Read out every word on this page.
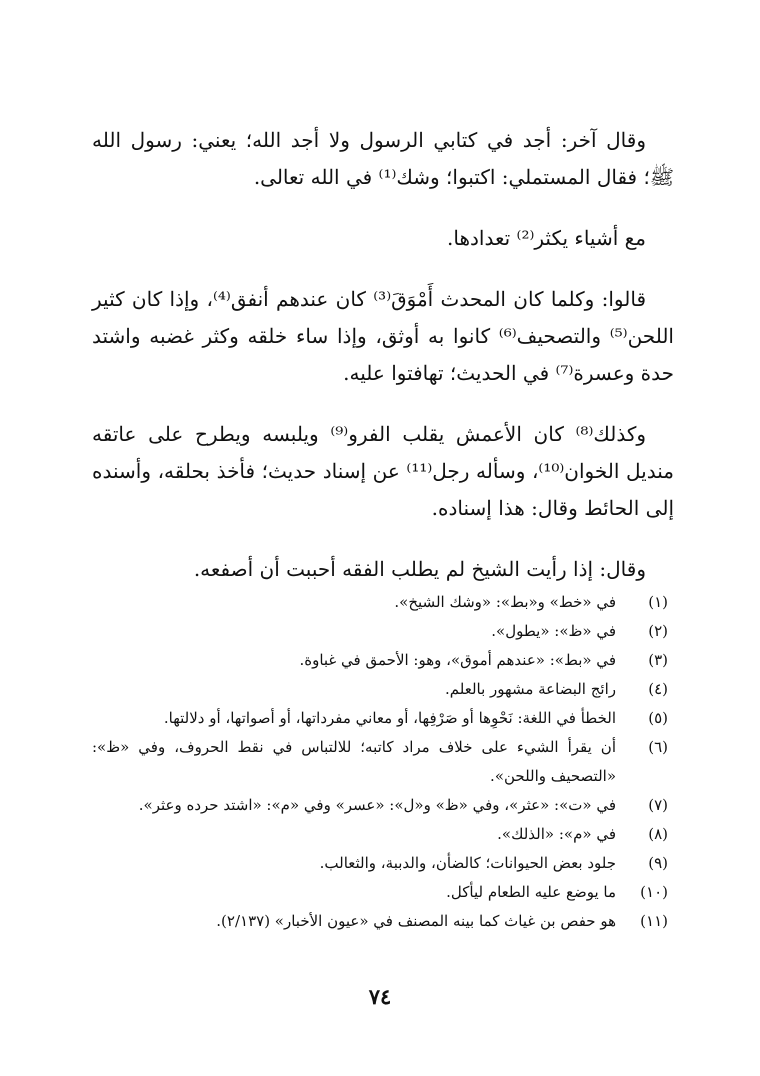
وقال آخر: أجد في كتابي الرسول ولا أجد الله؛ يعني: رسول الله ﷺ؛ فقال المستملي: اكتبوا؛ وشك⁽¹⁾ في الله تعالى.

مع أشياء يكثر⁽²⁾ تعدادها.

قالوا: وكلما كان المحدث أَمْوَقَ⁽³⁾ كان عندهم أنفق⁽⁴⁾، وإذا كان كثير اللحن⁽⁵⁾ والتصحيف⁽⁶⁾ كانوا به أوثق، وإذا ساء خلقه وكثر غضبه واشتد حدة وعسرة⁽⁷⁾ في الحديث؛ تهافتوا عليه.

وكذلك⁽⁸⁾ كان الأعمش يقلب الفرو⁽⁹⁾ ويلبسه ويطرح على عاتقه منديل الخوان⁽¹⁰⁾، وسأله رجل⁽¹¹⁾ عن إسناد حديث؛ فأخذ بحلقه، وأسنده إلى الحائط وقال: هذا إسناده.

وقال: إذا رأيت الشيخ لم يطلب الفقه أحببت أن أصفعه.

(١)
في «خط» و«بط»: «وشك الشيخ».

(٢)
في «ظ»: «يطول».

(٣)
في «بط»: «عندهم أموق»، وهو: الأحمق في غباوة.

(٤)
رائج البضاعة مشهور بالعلم.

(٥)
الخطأ في اللغة: نَحْوِها أو صَرْفِها، أو معاني مفرداتها، أو أصواتها، أو دلالتها.

(٦)
أن يقرأ الشيء على خلاف مراد كاتبه؛ للالتباس في نقط الحروف، وفي «ظ»: «التصحيف واللحن».

(٧)
في «ت»: «عثر»، وفي «ظ» و«ل»: «عسر» وفي «م»: «اشتد حرده وعثر».

(٨)
في «م»: «الذلك».

(٩)
جلود بعض الحيوانات؛ كالضأن، والدببة، والثعالب.

(١٠)
ما يوضع عليه الطعام ليأكل.

(١١)
هو حفص بن غياث كما بينه المصنف في «عيون الأخبار» (٢/١٣٧).

٧٤
